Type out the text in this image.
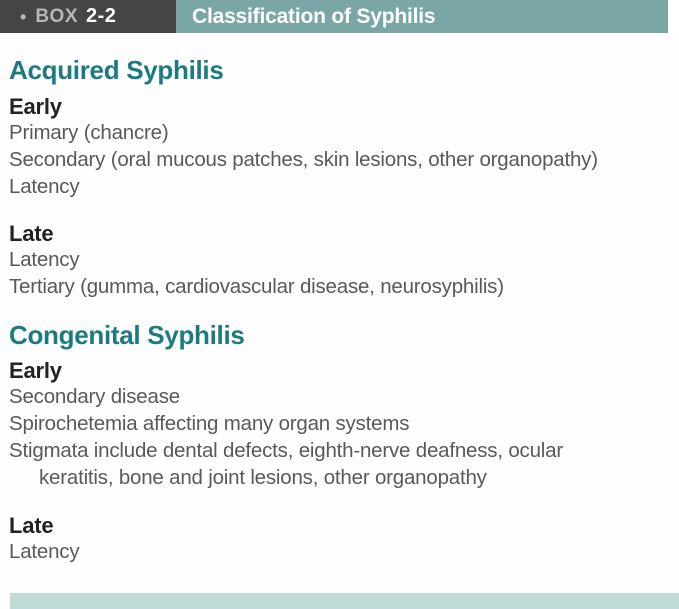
• BOX 2-2	Classification of Syphilis
Acquired Syphilis
Early
Primary (chancre)
Secondary (oral mucous patches, skin lesions, other organopathy)
Latency
Late
Latency
Tertiary (gumma, cardiovascular disease, neurosyphilis)
Congenital Syphilis
Early
Secondary disease
Spirochetemia affecting many organ systems
Stigmata include dental defects, eighth-nerve deafness, ocular
keratitis, bone and joint lesions, other organopathy
Late
Latency
